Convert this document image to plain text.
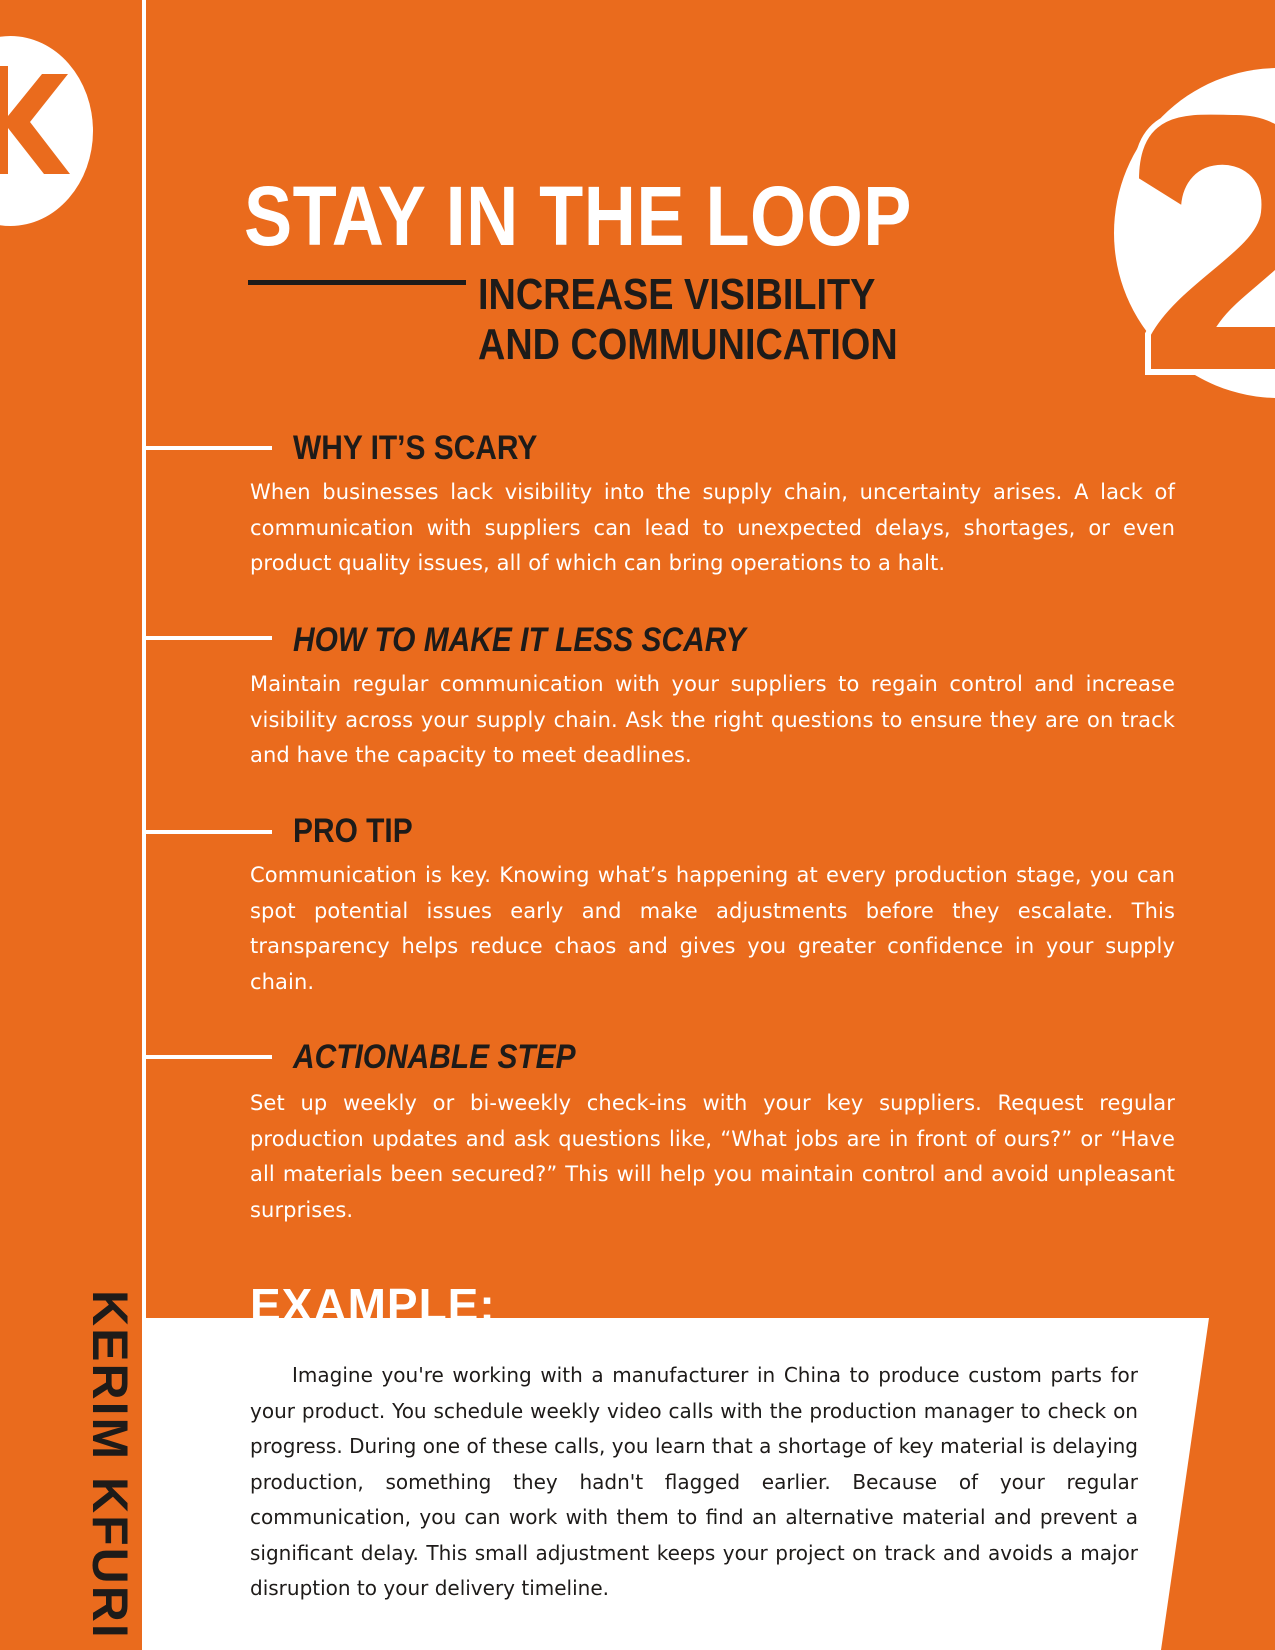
STAY IN THE LOOP
INCREASE VISIBILITY AND COMMUNICATION
WHY IT’S SCARY

When businesses lack visibility into the supply chain, uncertainty arises. A lack of communication with suppliers can lead to unexpected delays, shortages, or even product quality issues, all of which can bring operations to a halt.

HOW TO MAKE IT LESS SCARY

Maintain regular communication with your suppliers to regain control and increase visibility across your supply chain. Ask the right questions to ensure they are on track and have the capacity to meet deadlines.

PRO TIP

Communication is key. Knowing what’s happening at every production stage, you can spot potential issues early and make adjustments before they escalate. This transparency helps reduce chaos and gives you greater confidence in your supply chain.

ACTIONABLE STEP

Set up weekly or bi-weekly check-ins with your key suppliers. Request regular production updates and ask questions like, “What jobs are in front of ours?” or “Have all materials been secured?” This will help you maintain control and avoid unpleasant surprises.

EXAMPLE:

Imagine you're working with a manufacturer in China to produce custom parts for your product. You schedule weekly video calls with the production manager to check on progress. During one of these calls, you learn that a shortage of key material is delaying production, something they hadn't flagged earlier. Because of your regular communication, you can work with them to find an alternative material and prevent a significant delay. This small adjustment keeps your project on track and avoids a major disruption to your delivery timeline.

KERIM KFURI
